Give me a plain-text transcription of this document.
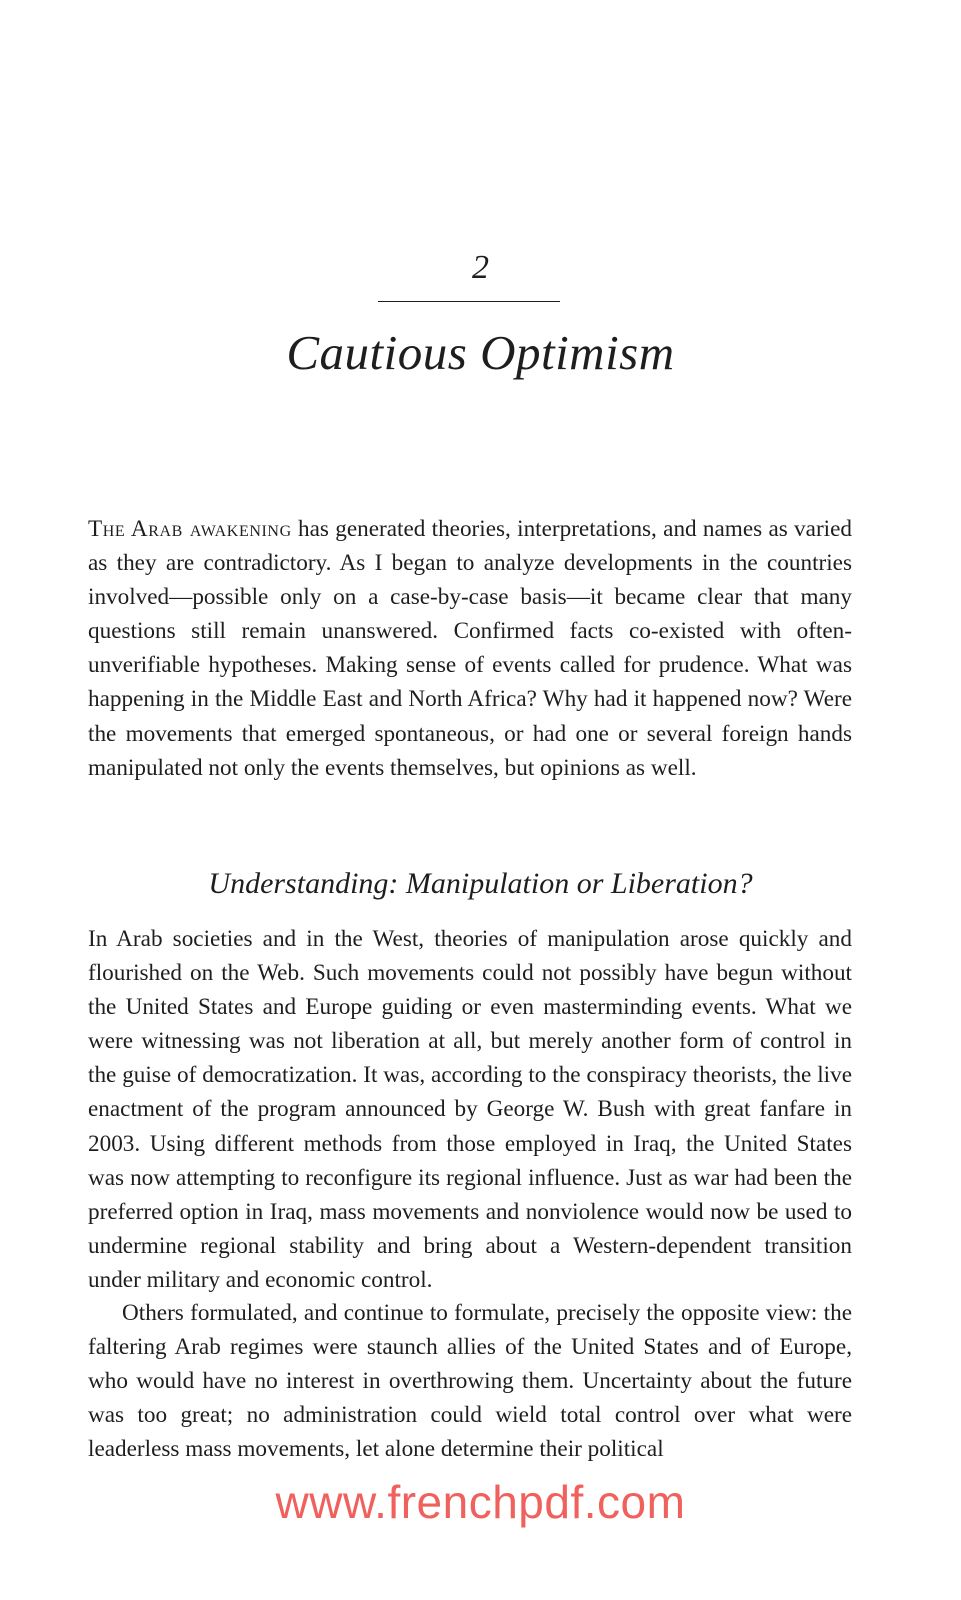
2
Cautious Optimism

The Arab awakening has generated theories, interpretations, and names as varied as they are contradictory. As I began to analyze developments in the countries involved—possible only on a case-by-case basis—it became clear that many questions still remain unanswered. Confirmed facts co-existed with often-unverifiable hypotheses. Making sense of events called for prudence. What was happening in the Middle East and North Africa? Why had it happened now? Were the movements that emerged spontaneous, or had one or several foreign hands manipulated not only the events themselves, but opinions as well.

Understanding: Manipulation or Liberation?

In Arab societies and in the West, theories of manipulation arose quickly and flourished on the Web. Such movements could not possibly have begun without the United States and Europe guiding or even masterminding events. What we were witnessing was not liberation at all, but merely another form of control in the guise of democratization. It was, according to the conspiracy theorists, the live enactment of the program announced by George W. Bush with great fanfare in 2003. Using different methods from those employed in Iraq, the United States was now attempting to reconfigure its regional influence. Just as war had been the preferred option in Iraq, mass movements and nonviolence would now be used to undermine regional stability and bring about a Western-dependent transition under military and economic control.

Others formulated, and continue to formulate, precisely the opposite view: the faltering Arab regimes were staunch allies of the United States and of Europe, who would have no interest in overthrowing them. Uncertainty about the future was too great; no administration could wield total control over what were leaderless mass movements, let alone determine their political

www.frenchpdf.com
